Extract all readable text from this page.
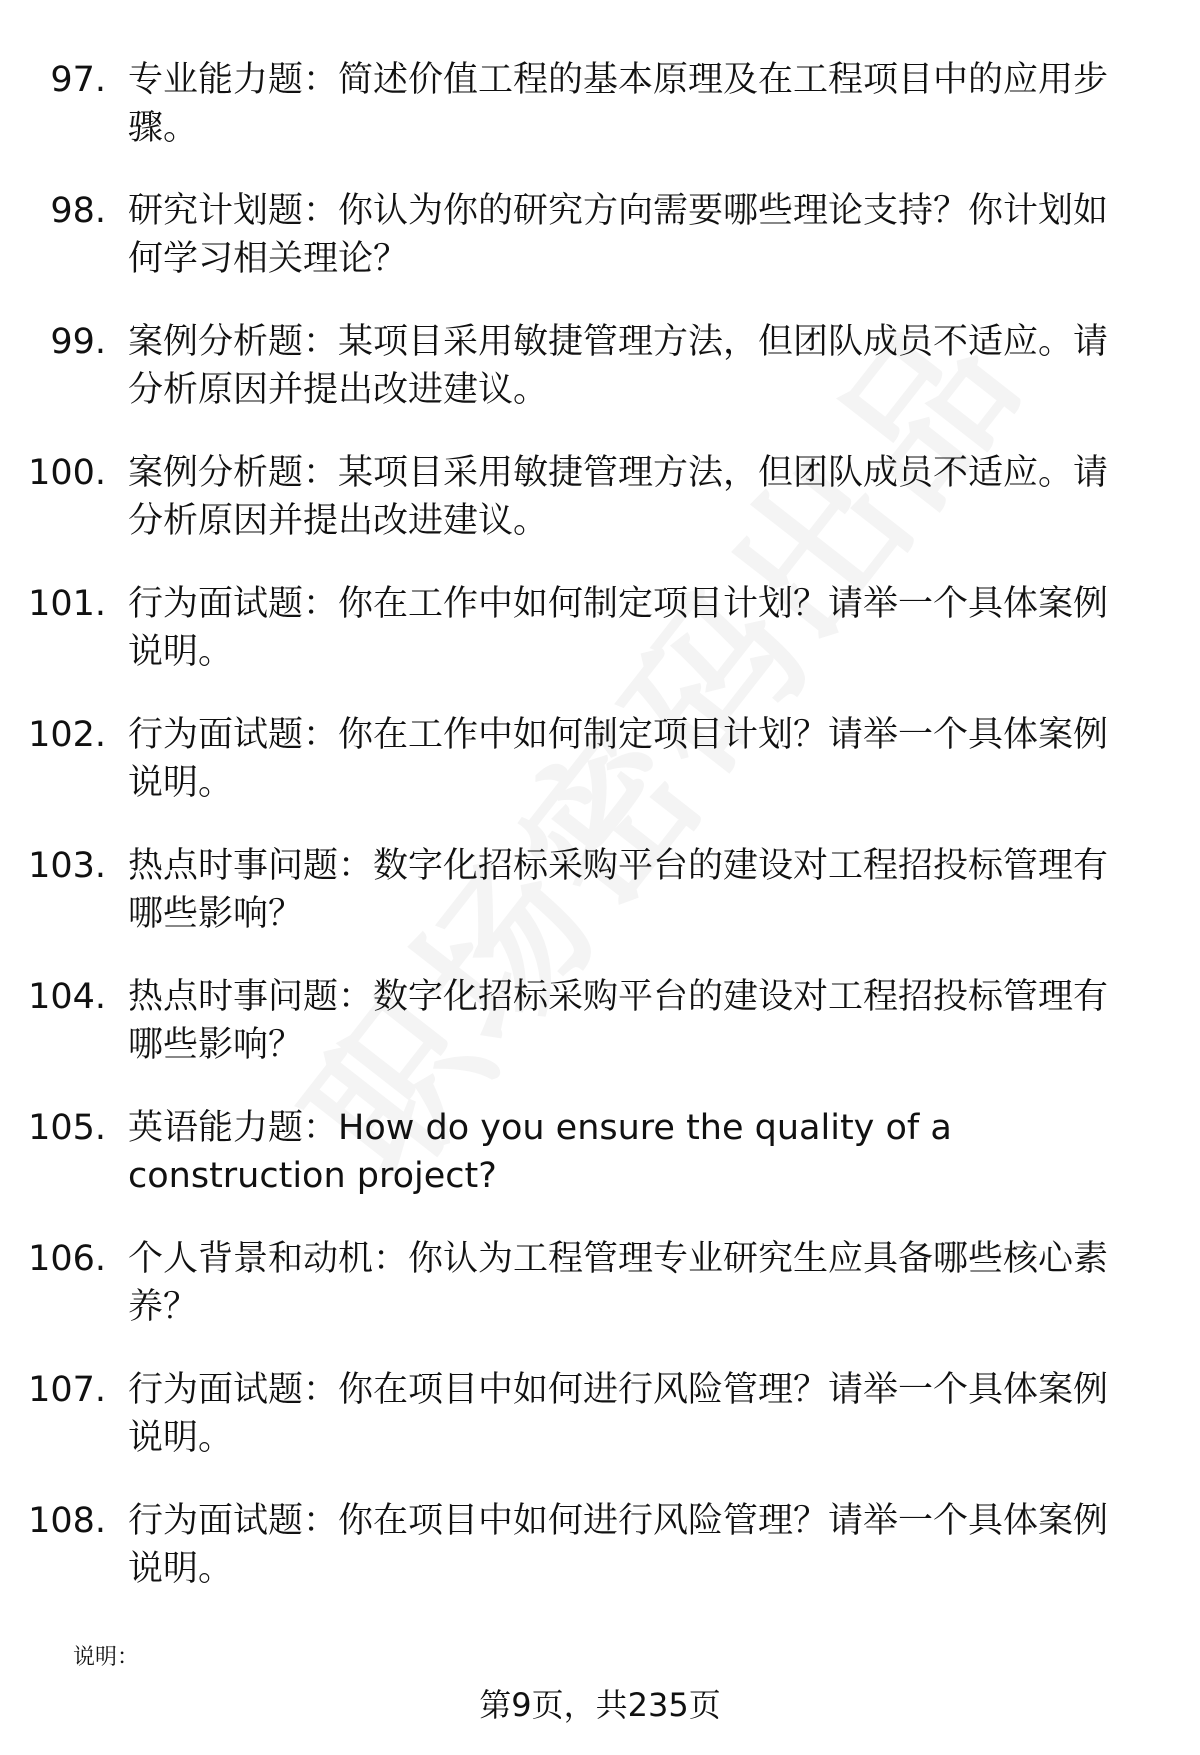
97. 专业能力题：简述价值工程的基本原理及在工程项目中的应用步骤。
98. 研究计划题：你认为你的研究方向需要哪些理论支持？你计划如何学习相关理论？
99. 案例分析题：某项目采用敏捷管理方法，但团队成员不适应。请分析原因并提出改进建议。
100. 案例分析题：某项目采用敏捷管理方法，但团队成员不适应。请分析原因并提出改进建议。
101. 行为面试题：你在工作中如何制定项目计划？请举一个具体案例说明。
102. 行为面试题：你在工作中如何制定项目计划？请举一个具体案例说明。
103. 热点时事问题：数字化招标采购平台的建设对工程招投标管理有哪些影响？
104. 热点时事问题：数字化招标采购平台的建设对工程招投标管理有哪些影响？
105. 英语能力题：How do you ensure the quality of a construction project?
106. 个人背景和动机：你认为工程管理专业研究生应具备哪些核心素养？
107. 行为面试题：你在项目中如何进行风险管理？请举一个具体案例说明。
108. 行为面试题：你在项目中如何进行风险管理？请举一个具体案例说明。
说明：
第9页，共235页
